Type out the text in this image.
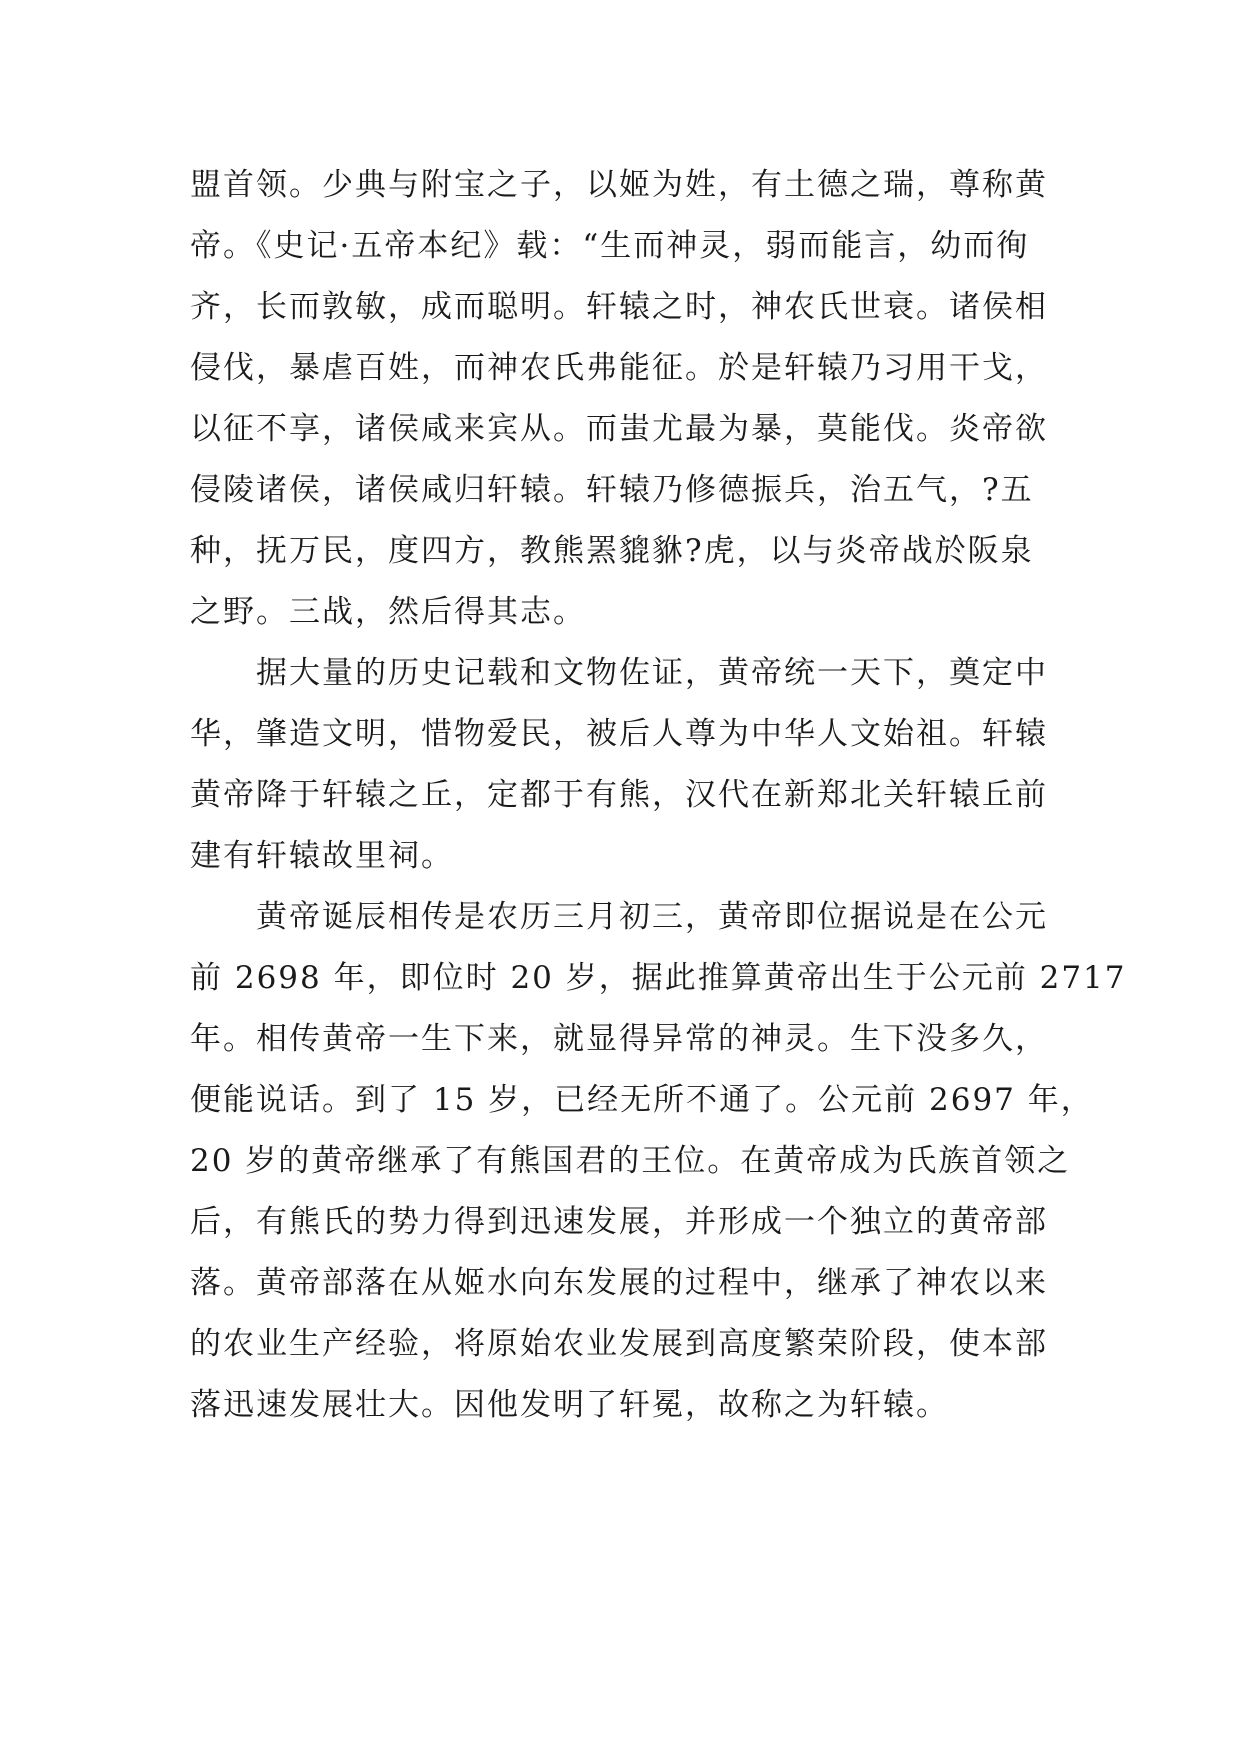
盟首领。少典与附宝之子，以姬为姓，有土德之瑞，尊称黄
帝。《史记·五帝本纪》载：“生而神灵，弱而能言，幼而徇
齐，长而敦敏，成而聪明。轩辕之时，神农氏世衰。诸侯相
侵伐，暴虐百姓，而神农氏弗能征。於是轩辕乃习用干戈，
以征不享，诸侯咸来宾从。而蚩尤最为暴，莫能伐。炎帝欲
侵陵诸侯，诸侯咸归轩辕。轩辕乃修德振兵，治五气，?五
种，抚万民，度四方，教熊罴貔貅?虎，以与炎帝战於阪泉
之野。三战，然后得其志。
　　据大量的历史记载和文物佐证，黄帝统一天下，奠定中
华，肇造文明，惜物爱民，被后人尊为中华人文始祖。轩辕
黄帝降于轩辕之丘，定都于有熊，汉代在新郑北关轩辕丘前
建有轩辕故里祠。
　　黄帝诞辰相传是农历三月初三，黄帝即位据说是在公元
前 2698 年，即位时 20 岁，据此推算黄帝出生于公元前 2717
年。相传黄帝一生下来，就显得异常的神灵。生下没多久，
便能说话。到了 15 岁，已经无所不通了。公元前 2697 年，
20 岁的黄帝继承了有熊国君的王位。在黄帝成为氏族首领之
后，有熊氏的势力得到迅速发展，并形成一个独立的黄帝部
落。黄帝部落在从姬水向东发展的过程中，继承了神农以来
的农业生产经验，将原始农业发展到高度繁荣阶段，使本部
落迅速发展壮大。因他发明了轩冕，故称之为轩辕。
